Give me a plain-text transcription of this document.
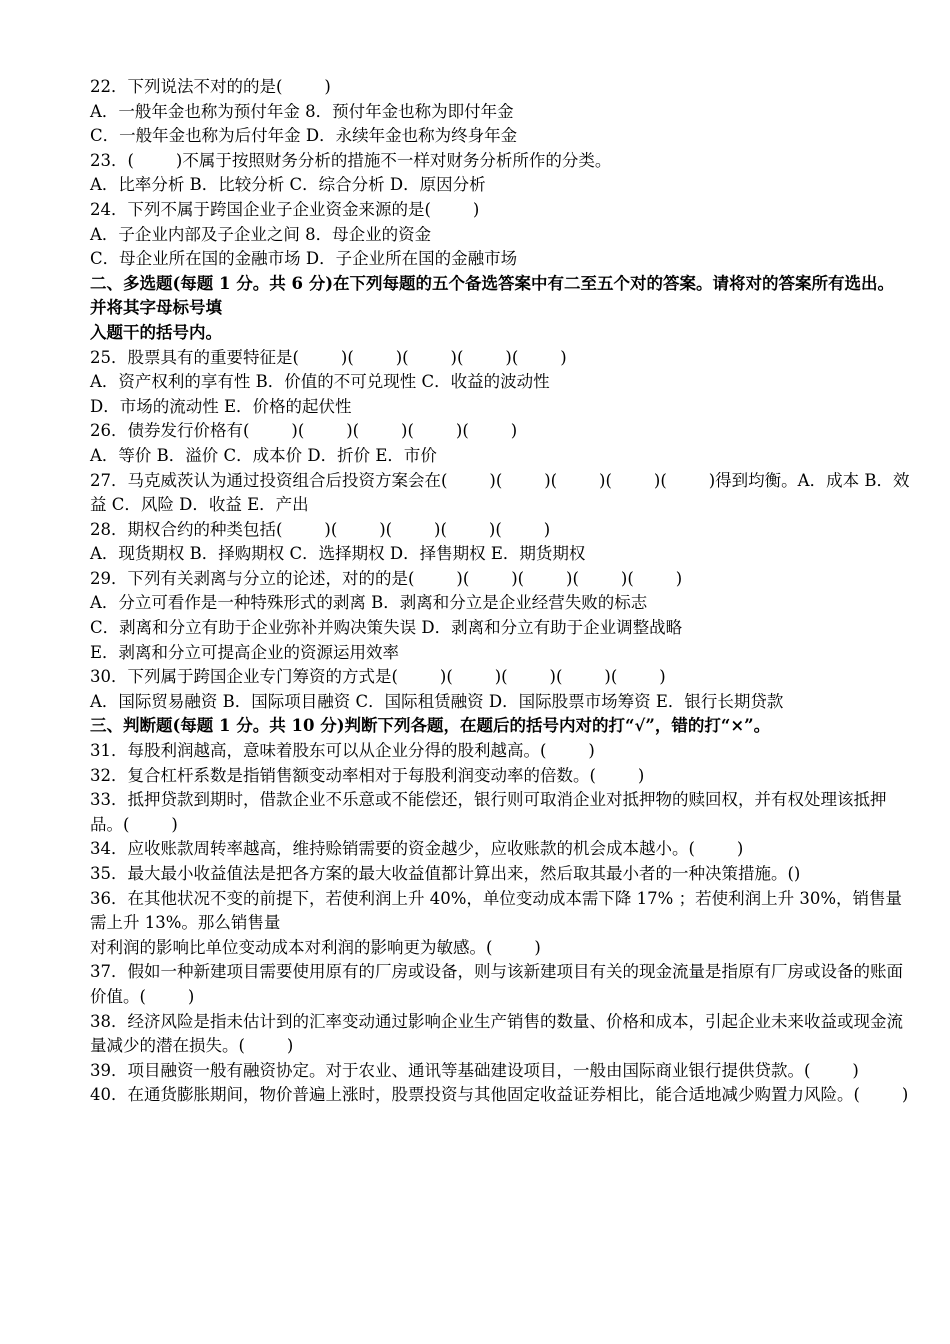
22．下列说法不对的的是(        )
A．一般年金也称为预付年金 8．预付年金也称为即付年金
C．一般年金也称为后付年金 D．永续年金也称为终身年金
23．(        )不属于按照财务分析的措施不一样对财务分析所作的分类。
A．比率分析 B．比较分析 C．综合分析 D．原因分析
24．下列不属于跨国企业子企业资金来源的是(        )
A．子企业内部及子企业之间 8．母企业的资金
C．母企业所在国的金融市场 D．子企业所在国的金融市场
二、多选题(每题 1 分。共 6 分)在下列每题的五个备选答案中有二至五个对的答案。请将对的答案所有选出。并将其字母标号填
入题干的括号内。
25．股票具有的重要特征是(        )(        )(        )(        )(        )
A．资产权利的享有性 B．价值的不可兑现性 C．收益的波动性
D．市场的流动性 E．价格的起伏性
26．债券发行价格有(        )(        )(        )(        )(        )
A．等价 B．溢价 C．成本价 D．折价 E．市价
27．马克威茨认为通过投资组合后投资方案会在(        )(        )(        )(        )(        )得到均衡。A．成本 B．效益 C．风险 D．收益 E．产出
28．期权合约的种类包括(        )(        )(        )(        )(        )
A．现货期权 B．择购期权 C．选择期权 D．择售期权 E．期货期权
29．下列有关剥离与分立的论述，对的的是(        )(        )(        )(        )(        )
A．分立可看作是一种特殊形式的剥离 B．剥离和分立是企业经营失败的标志
C．剥离和分立有助于企业弥补并购决策失误 D．剥离和分立有助于企业调整战略
E．剥离和分立可提高企业的资源运用效率
30．下列属于跨国企业专门筹资的方式是(        )(        )(        )(        )(        )
A．国际贸易融资 B．国际项目融资 C．国际租赁融资 D．国际股票市场筹资 E．银行长期贷款
三、判断题(每题 1 分。共 10 分)判断下列各题，在题后的括号内对的打“√”，错的打“×”。
31．每股利润越高，意味着股东可以从企业分得的股利越高。(        )
32．复合杠杆系数是指销售额变动率相对于每股利润变动率的倍数。(        )
33．抵押贷款到期时，借款企业不乐意或不能偿还，银行则可取消企业对抵押物的赎回权，并有权处理该抵押品。(        )
34．应收账款周转率越高，维持赊销需要的资金越少，应收账款的机会成本越小。(        )
35．最大最小收益值法是把各方案的最大收益值都计算出来，然后取其最小者的一种决策措施。()
36．在其他状况不变的前提下，若使利润上升 40%，单位变动成本需下降 17% ；若使利润上升 30%，销售量需上升 13%。那么销售量
对利润的影响比单位变动成本对利润的影响更为敏感。(        )
37．假如一种新建项目需要使用原有的厂房或设备，则与该新建项目有关的现金流量是指原有厂房或设备的账面价值。(        )
38．经济风险是指未估计到的汇率变动通过影响企业生产销售的数量、价格和成本，引起企业未来收益或现金流量减少的潜在损失。(        )
39．项目融资一般有融资协定。对于农业、通讯等基础建设项目，一般由国际商业银行提供贷款。(        )
40．在通货膨胀期间，物价普遍上涨时，股票投资与其他固定收益证券相比，能合适地减少购置力风险。(        )
